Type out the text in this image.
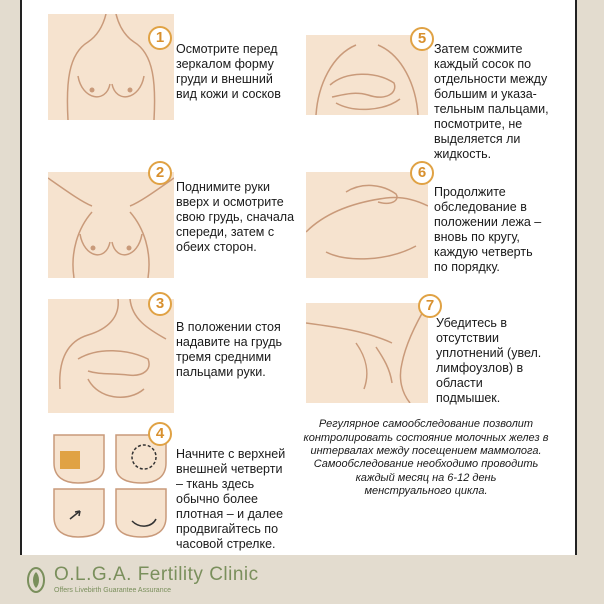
1
Осмотрите перед
зеркалом форму
груди и внешний
вид кожи и сосков
2
Поднимите руки
вверх и осмотрите
свою грудь, сначала
спереди, затем с
обеих сторон.
3
В положении стоя
надавите на грудь
тремя средними
пальцами руки.
4
Начните с верхней
внешней четверти
– ткань здесь
обычно более
плотная – и далее
продвигайтесь по
часовой стрелке.
5
Затем сожмите
каждый сосок по
отдельности между
большим и указа-
тельным пальцами,
посмотрите, не
выделяется ли
жидкость.
6
Продолжите
обследование в
положении лежа –
вновь по кругу,
каждую четверть
по порядку.
7
Убедитесь в
отсутствии
уплотнений (увел.
лимфоузлов) в
области
подмышек.
Регулярное самообследование позволит
контролировать состояние молочных желез в
интервалах между посещением маммолога.
Самообследование необходимо проводить
каждый месяц на 6-12 день
менструального цикла.
O.L.G.A. Fertility Clinic
Offers Livebirth Guarantee Assurance
